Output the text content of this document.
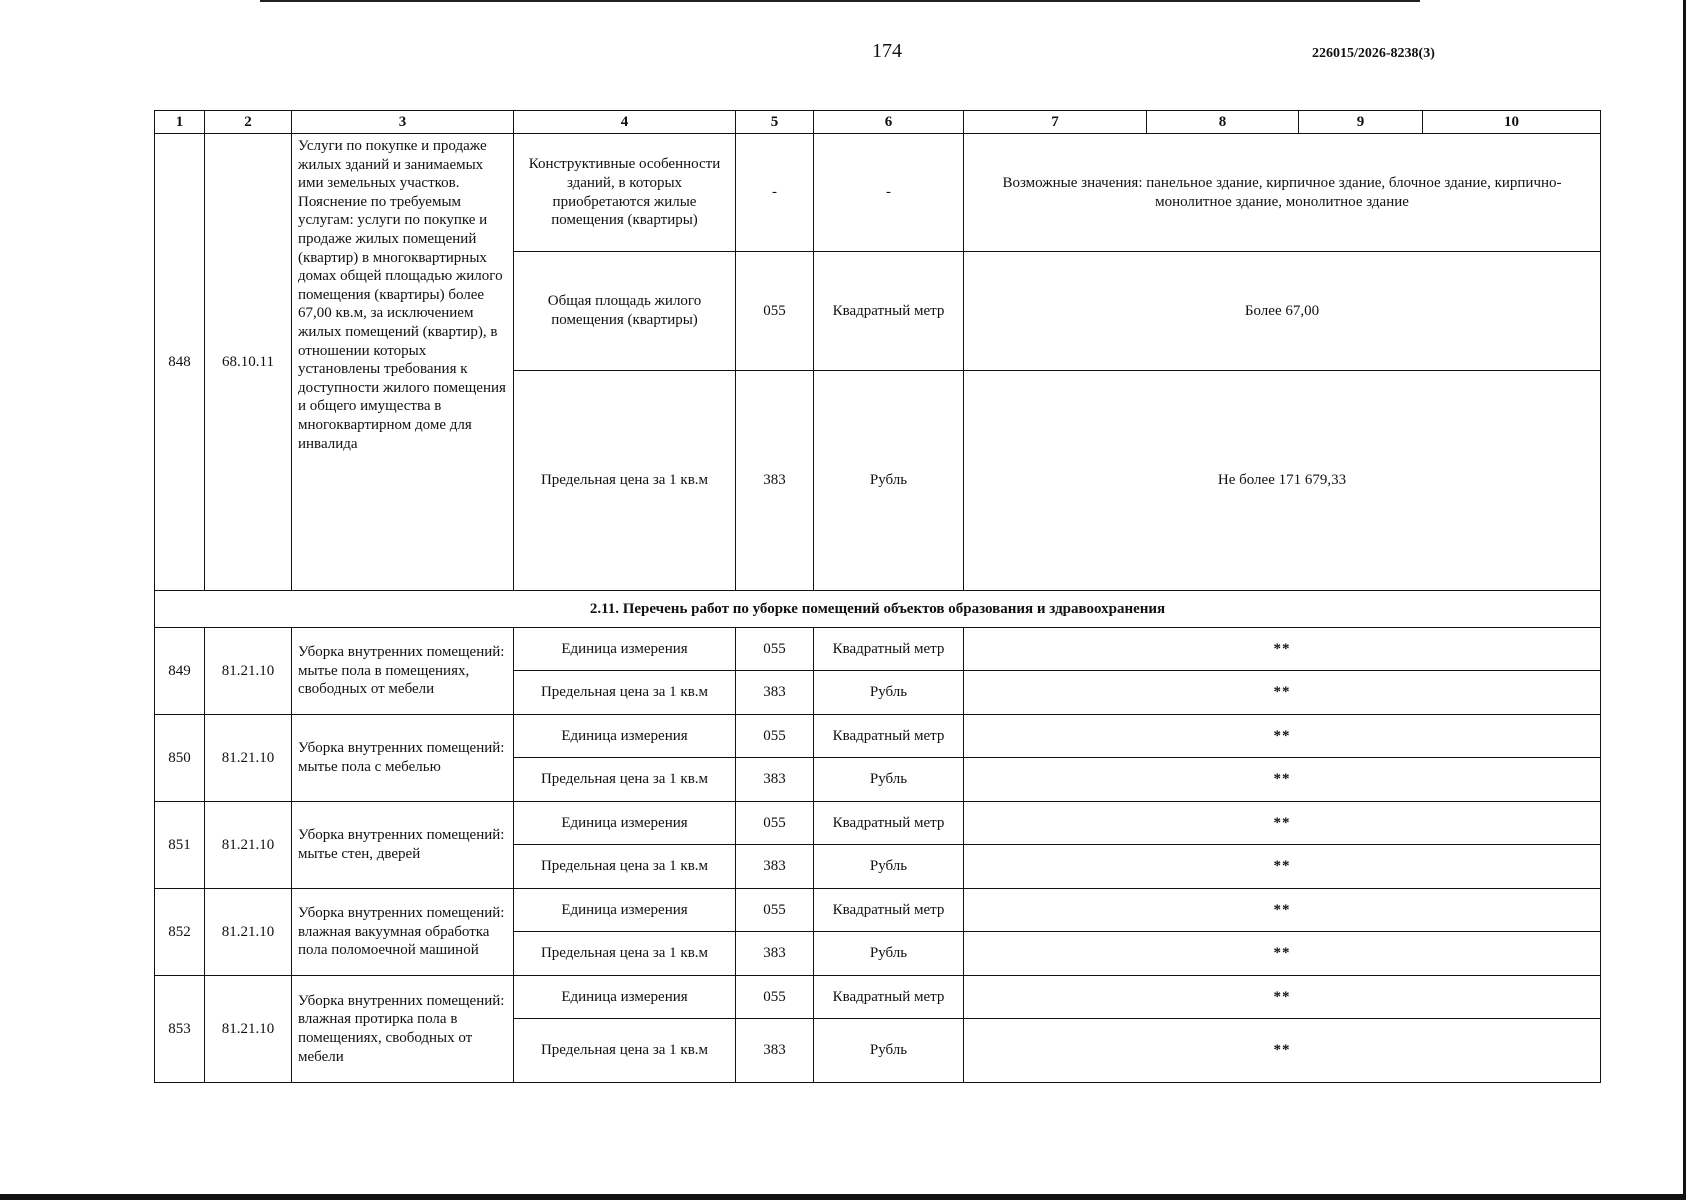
174	226015/2026-8238(3)
1	2	3	4	5	6	7	8	9	10
848	68.10.11	Услуги по покупке и продаже жилых зданий и занимаемых ими земельных участков. Пояснение по требуемым услугам: услуги по покупке и продаже жилых помещений (квартир) в многоквартирных домах общей площадью жилого помещения (квартиры) более 67,00 кв.м, за исключением жилых помещений (квартир), в отношении которых установлены требования к доступности жилого помещения и общего имущества в многоквартирном доме для инвалида	Конструктивные особенности зданий, в которых приобретаются жилые помещения (квартиры)	-	-	Возможные значения: панельное здание, кирпичное здание, блочное здание, кирпично-монолитное здание, монолитное здание			
			Общая площадь жилого помещения (квартиры)	055	Квадратный метр	Более 67,00			
			Предельная цена за 1 кв.м	383	Рубль	Не более 171 679,33			
2.11. Перечень работ по уборке помещений объектов образования и здравоохранения									
849	81.21.10	Уборка внутренних помещений: мытье пола в помещениях, свободных от мебели	Единица измерения	055	Квадратный метр	**			
			Предельная цена за 1 кв.м	383	Рубль	**			
850	81.21.10	Уборка внутренних помещений: мытье пола с мебелью	Единица измерения	055	Квадратный метр	**			
			Предельная цена за 1 кв.м	383	Рубль	**			
851	81.21.10	Уборка внутренних помещений: мытье стен, дверей	Единица измерения	055	Квадратный метр	**			
			Предельная цена за 1 кв.м	383	Рубль	**			
852	81.21.10	Уборка внутренних помещений: влажная вакуумная обработка пола поломоечной машиной	Единица измерения	055	Квадратный метр	**			
			Предельная цена за 1 кв.м	383	Рубль	**			
853	81.21.10	Уборка внутренних помещений: влажная протирка пола в помещениях, свободных от мебели	Единица измерения	055	Квадратный метр	**			
			Предельная цена за 1 кв.м	383	Рубль	**			
